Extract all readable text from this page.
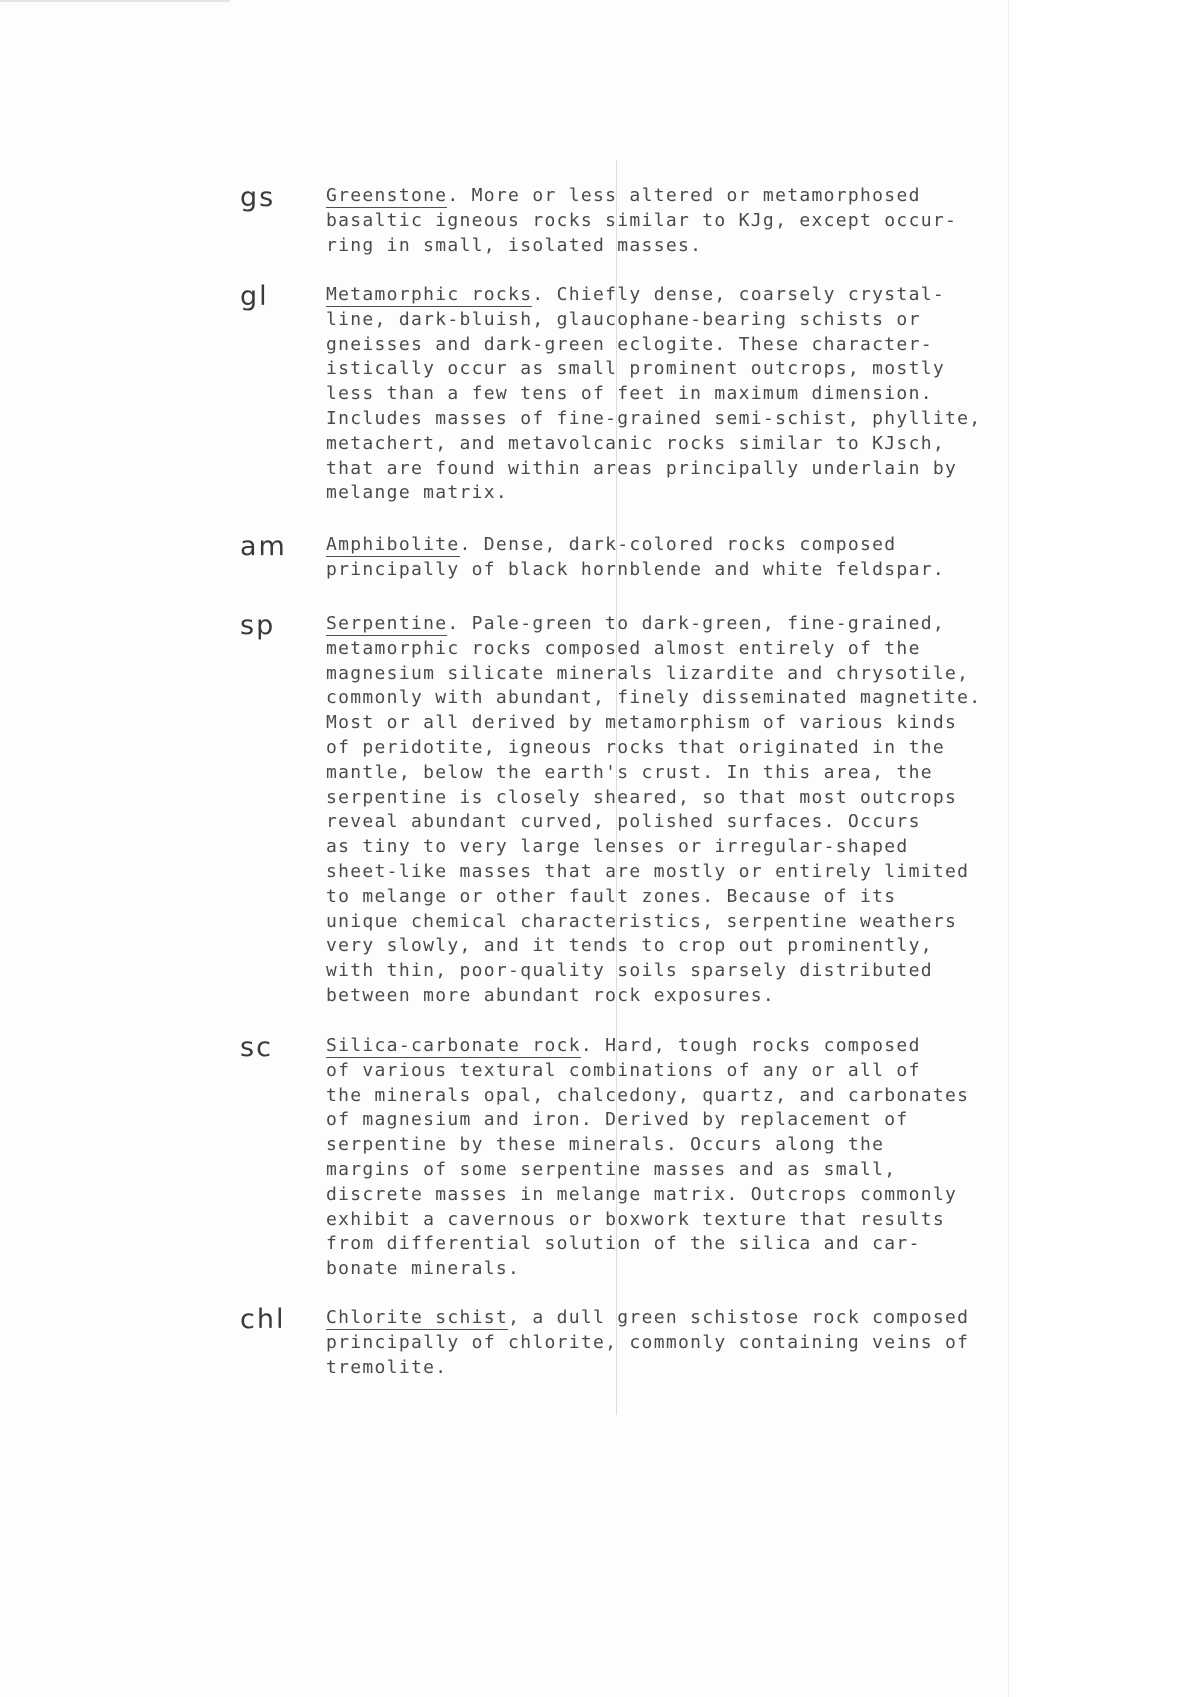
gs	Greenstone. More or less altered or metamorphosed
basaltic igneous rocks similar to KJg, except occur-
ring in small, isolated masses.
gl	Metamorphic rocks. Chiefly dense, coarsely crystal-
line, dark-bluish, glaucophane-bearing schists or
gneisses and dark-green eclogite. These character-
istically occur as small prominent outcrops, mostly
less than a few tens of feet in maximum dimension.
Includes masses of fine-grained semi-schist, phyllite,
metachert, and metavolcanic rocks similar to KJsch,
that are found within areas principally underlain by
melange matrix.
am	Amphibolite. Dense, dark-colored rocks composed
principally of black hornblende and white feldspar.
sp	Serpentine. Pale-green to dark-green, fine-grained,
metamorphic rocks composed almost entirely of the
magnesium silicate minerals lizardite and chrysotile,
commonly with abundant, finely disseminated magnetite.
Most or all derived by metamorphism of various kinds
of peridotite, igneous rocks that originated in the
mantle, below the earth's crust. In this area, the
serpentine is closely sheared, so that most outcrops
reveal abundant curved, polished surfaces. Occurs
as tiny to very large lenses or irregular-shaped
sheet-like masses that are mostly or entirely limited
to melange or other fault zones. Because of its
unique chemical characteristics, serpentine weathers
very slowly, and it tends to crop out prominently,
with thin, poor-quality soils sparsely distributed
between more abundant rock exposures.
sc	Silica-carbonate rock. Hard, tough rocks composed
of various textural combinations of any or all of
the minerals opal, chalcedony, quartz, and carbonates
of magnesium and iron. Derived by replacement of
serpentine by these minerals. Occurs along the
margins of some serpentine masses and as small,
discrete masses in melange matrix. Outcrops commonly
exhibit a cavernous or boxwork texture that results
from differential solution of the silica and car-
bonate minerals.
chl	Chlorite schist, a dull green schistose rock composed
principally of chlorite, commonly containing veins of
tremolite.
